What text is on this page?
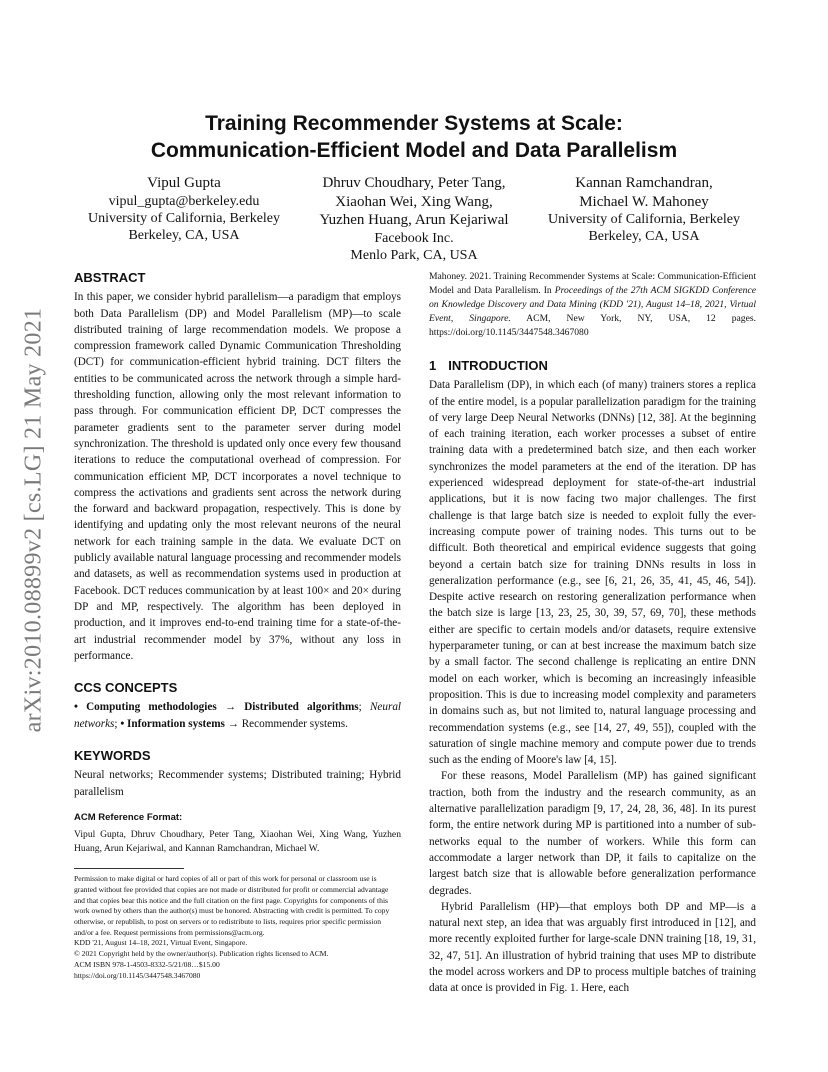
arXiv:2010.08899v2 [cs.LG] 21 May 2021
Training Recommender Systems at Scale:
Communication-Efficient Model and Data Parallelism
Vipul Gupta
vipul_gupta@berkeley.edu
University of California, Berkeley
Berkeley, CA, USA
Dhruv Choudhary, Peter Tang,
Xiaohan Wei, Xing Wang,
Yuzhen Huang, Arun Kejariwal
Facebook Inc.
Menlo Park, CA, USA
Kannan Ramchandran,
Michael W. Mahoney
University of California, Berkeley
Berkeley, CA, USA
ABSTRACT

In this paper, we consider hybrid parallelism—a paradigm that employs both Data Parallelism (DP) and Model Parallelism (MP)—to scale distributed training of large recommendation models. We propose a compression framework called Dynamic Communication Thresholding (DCT) for communication-efficient hybrid training. DCT filters the entities to be communicated across the network through a simple hard-thresholding function, allowing only the most relevant information to pass through. For communication efficient DP, DCT compresses the parameter gradients sent to the parameter server during model synchronization. The threshold is updated only once every few thousand iterations to reduce the computational overhead of compression. For communication efficient MP, DCT incorporates a novel technique to compress the activations and gradients sent across the network during the forward and backward propagation, respectively. This is done by identifying and updating only the most relevant neurons of the neural network for each training sample in the data. We evaluate DCT on publicly available natural language processing and recommender models and datasets, as well as recommendation systems used in production at Facebook. DCT reduces communication by at least 100× and 20× during DP and MP, respectively. The algorithm has been deployed in production, and it improves end-to-end training time for a state-of-the-art industrial recommender model by 37%, without any loss in performance.

CCS CONCEPTS

• Computing methodologies → Distributed algorithms; Neural networks; • Information systems → Recommender systems.

KEYWORDS

Neural networks; Recommender systems; Distributed training; Hybrid parallelism

ACM Reference Format:

Vipul Gupta, Dhruv Choudhary, Peter Tang, Xiaohan Wei, Xing Wang, Yuzhen Huang, Arun Kejariwal, and Kannan Ramchandran, Michael W.

Permission to make digital or hard copies of all or part of this work for personal or classroom use is granted without fee provided that copies are not made or distributed for profit or commercial advantage and that copies bear this notice and the full citation on the first page. Copyrights for components of this work owned by others than the author(s) must be honored. Abstracting with credit is permitted. To copy otherwise, or republish, to post on servers or to redistribute to lists, requires prior specific permission and/or a fee. Request permissions from permissions@acm.org.

KDD '21, August 14–18, 2021, Virtual Event, Singapore.
© 2021 Copyright held by the owner/author(s). Publication rights licensed to ACM.
ACM ISBN 978-1-4503-8332-5/21/08…$15.00
https://doi.org/10.1145/3447548.3467080

Mahoney. 2021. Training Recommender Systems at Scale: Communication-Efficient Model and Data Parallelism. In Proceedings of the 27th ACM SIGKDD Conference on Knowledge Discovery and Data Mining (KDD '21), August 14–18, 2021, Virtual Event, Singapore. ACM, New York, NY, USA, 12 pages. https://doi.org/10.1145/3447548.3467080

1 INTRODUCTION

Data Parallelism (DP), in which each (of many) trainers stores a replica of the entire model, is a popular parallelization paradigm for the training of very large Deep Neural Networks (DNNs) [12, 38]. At the beginning of each training iteration, each worker processes a subset of entire training data with a predetermined batch size, and then each worker synchronizes the model parameters at the end of the iteration. DP has experienced widespread deployment for state-of-the-art industrial applications, but it is now facing two major challenges. The first challenge is that large batch size is needed to exploit fully the ever-increasing compute power of training nodes. This turns out to be difficult. Both theoretical and empirical evidence suggests that going beyond a certain batch size for training DNNs results in loss in generalization performance (e.g., see [6, 21, 26, 35, 41, 45, 46, 54]). Despite active research on restoring generalization performance when the batch size is large [13, 23, 25, 30, 39, 57, 69, 70], these methods either are specific to certain models and/or datasets, require extensive hyperparameter tuning, or can at best increase the maximum batch size by a small factor. The second challenge is replicating an entire DNN model on each worker, which is becoming an increasingly infeasible proposition. This is due to increasing model complexity and parameters in domains such as, but not limited to, natural language processing and recommendation systems (e.g., see [14, 27, 49, 55]), coupled with the saturation of single machine memory and compute power due to trends such as the ending of Moore's law [4, 15].

For these reasons, Model Parallelism (MP) has gained significant traction, both from the industry and the research community, as an alternative parallelization paradigm [9, 17, 24, 28, 36, 48]. In its purest form, the entire network during MP is partitioned into a number of sub-networks equal to the number of workers. While this form can accommodate a larger network than DP, it fails to capitalize on the largest batch size that is allowable before generalization performance degrades.

Hybrid Parallelism (HP)—that employs both DP and MP—is a natural next step, an idea that was arguably first introduced in [12], and more recently exploited further for large-scale DNN training [18, 19, 31, 32, 47, 51]. An illustration of hybrid training that uses MP to distribute the model across workers and DP to process multiple batches of training data at once is provided in Fig. 1. Here, each
